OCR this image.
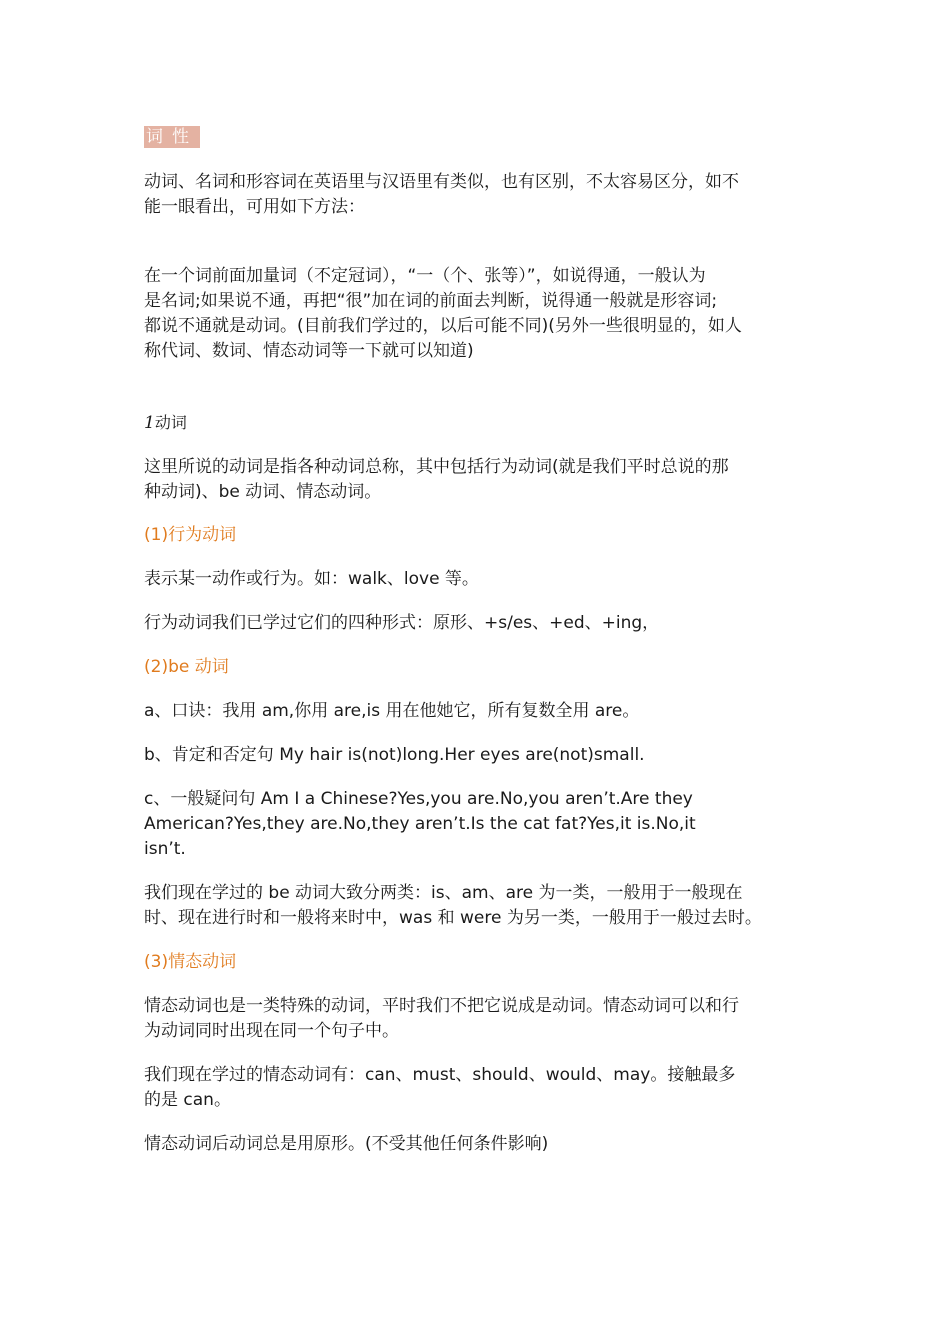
词性
动词、名词和形容词在英语里与汉语里有类似，也有区别，不太容易区分，如不
能一眼看出，可用如下方法：
在一个词前面加量词（不定冠词），“一（个、张等）”，如说得通，一般认为
是名词;如果说不通，再把“很”加在词的前面去判断，说得通一般就是形容词;
都说不通就是动词。(目前我们学过的，以后可能不同)(另外一些很明显的，如人
称代词、数词、情态动词等一下就可以知道)
1动词
这里所说的动词是指各种动词总称，其中包括行为动词(就是我们平时总说的那
种动词)、be 动词、情态动词。
(1)行为动词
表示某一动作或行为。如：walk、love 等。
行为动词我们已学过它们的四种形式：原形、+s/es、+ed、+ing，
(2)be 动词
a、口诀：我用 am,你用 are,is 用在他她它，所有复数全用 are。
b、肯定和否定句 My hair is(not)long.Her eyes are(not)small.
c、一般疑问句 Am I a Chinese?Yes,you are.No,you aren’t.Are they
American?Yes,they are.No,they aren’t.Is the cat fat?Yes,it is.No,it
isn’t.
我们现在学过的 be 动词大致分两类：is、am、are 为一类，一般用于一般现在
时、现在进行时和一般将来时中，was 和 were 为另一类，一般用于一般过去时。
(3)情态动词
情态动词也是一类特殊的动词，平时我们不把它说成是动词。情态动词可以和行
为动词同时出现在同一个句子中。
我们现在学过的情态动词有：can、must、should、would、may。接触最多
的是 can。
情态动词后动词总是用原形。(不受其他任何条件影响)
